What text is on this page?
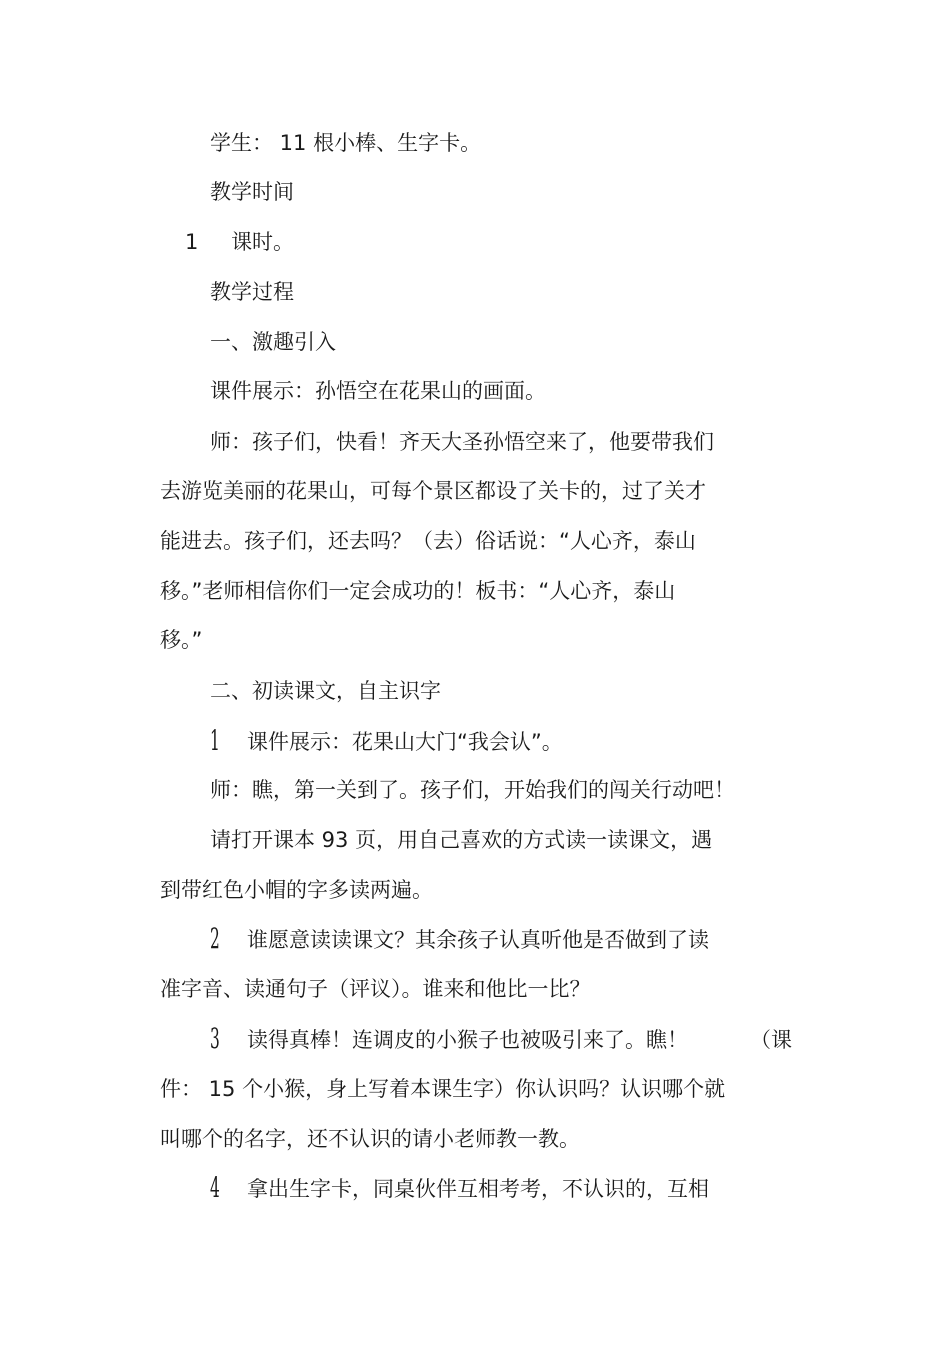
学生： 11 根小棒、生字卡。
教学时间
1 课时。
教学过程
一、激趣引入
课件展示：孙悟空在花果山的画面。
师：孩子们，快看！齐天大圣孙悟空来了，他要带我们
去游览美丽的花果山，可每个景区都设了关卡的，过了关才
能进去。孩子们，还去吗？（去）俗话说：“人心齐，泰山
移。”老师相信你们一定会成功的！板书：“人心齐，泰山
移。”
二、初读课文，自主识字
1 课件展示：花果山大门“我会认”。
师：瞧，第一关到了。孩子们，开始我们的闯关行动吧！
请打开课本 93 页，用自己喜欢的方式读一读课文，遇
到带红色小帽的字多读两遍。
2 谁愿意读读课文？其余孩子认真听他是否做到了读
准字音、读通句子（评议）。谁来和他比一比？
3 读得真棒！连调皮的小猴子也被吸引来了。瞧！	（课
件： 15 个小猴，身上写着本课生字）你认识吗？认识哪个就
叫哪个的名字，还不认识的请小老师教一教。
4 拿出生字卡，同桌伙伴互相考考，不认识的，互相
